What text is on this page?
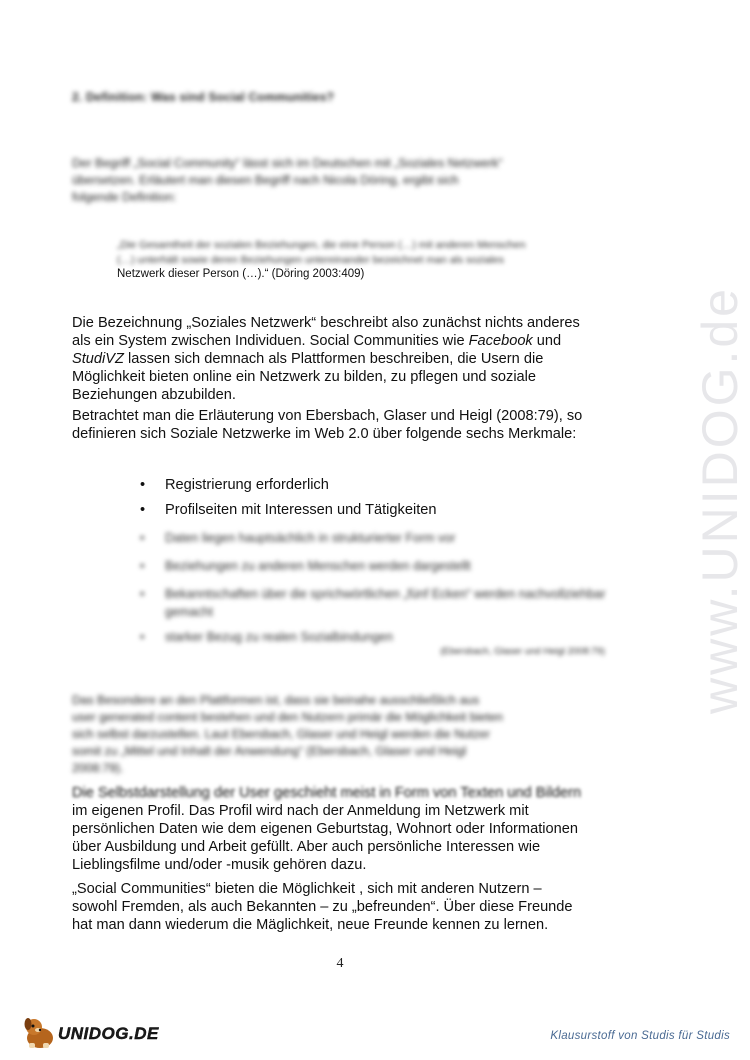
www.UNIDOG.de
2. Definition: Was sind Social Communities?
Der Begriff „Social Community“ lässt sich im Deutschen mit „Soziales Netzwerk“
übersetzen. Erläutert man diesen Begriff nach Nicola Döring, ergibt sich
folgende Definition:
„Die Gesamtheit der sozialen Beziehungen, die eine Person (…) mit anderen Menschen
(…) unterhält sowie deren Beziehungen untereinander bezeichnet man als soziales
Netzwerk dieser Person (…).“ (Döring 2003:409)
Die Bezeichnung „Soziales Netzwerk“ beschreibt also zunächst nichts anderes
als ein System zwischen Individuen. Social Communities wie Facebook und
StudiVZ lassen sich demnach als Plattformen beschreiben, die Usern die
Möglichkeit bieten online ein Netzwerk zu bilden, zu pflegen und soziale
Beziehungen abzubilden.
Betrachtet man die Erläuterung von Ebersbach, Glaser und Heigl (2008:79), so
definieren sich Soziale Netzwerke im Web 2.0 über folgende sechs Merkmale:
• Registrierung erforderlich
• Profilseiten mit Interessen und Tätigkeiten
• Daten liegen hauptsächlich in strukturierter Form vor
• Beziehungen zu anderen Menschen werden dargestellt
• Bekanntschaften über die sprichwörtlichen „fünf Ecken“ werden nachvollziehbar gemacht
• starker Bezug zu realen Sozialbindungen
(Ebersbach, Glaser und Heigl 2008:79)
Das Besondere an den Plattformen ist, dass sie beinahe ausschließlich aus
user generated content bestehen und den Nutzern primär die Möglichkeit bieten
sich selbst darzustellen. Laut Ebersbach, Glaser und Heigl werden die Nutzer
somit zu „Mittel und Inhalt der Anwendung“ (Ebersbach, Glaser und Heigl
2008:79).
Die Selbstdarstellung der User geschieht meist in Form von Texten und Bildern
im eigenen Profil. Das Profil wird nach der Anmeldung im Netzwerk mit
persönlichen Daten wie dem eigenen Geburtstag, Wohnort oder Informationen
über Ausbildung und Arbeit gefüllt. Aber auch persönliche Interessen wie
Lieblingsfilme und/oder -musik gehören dazu.
„Social Communities“ bieten die Möglichkeit , sich mit anderen Nutzern –
sowohl Fremden, als auch Bekannten – zu „befreunden“. Über diese Freunde
hat man dann wiederum die Mäglichkeit, neue Freunde kennen zu lernen.
4
UNIDOG.DE	Klausurstoff von Studis für Studis
